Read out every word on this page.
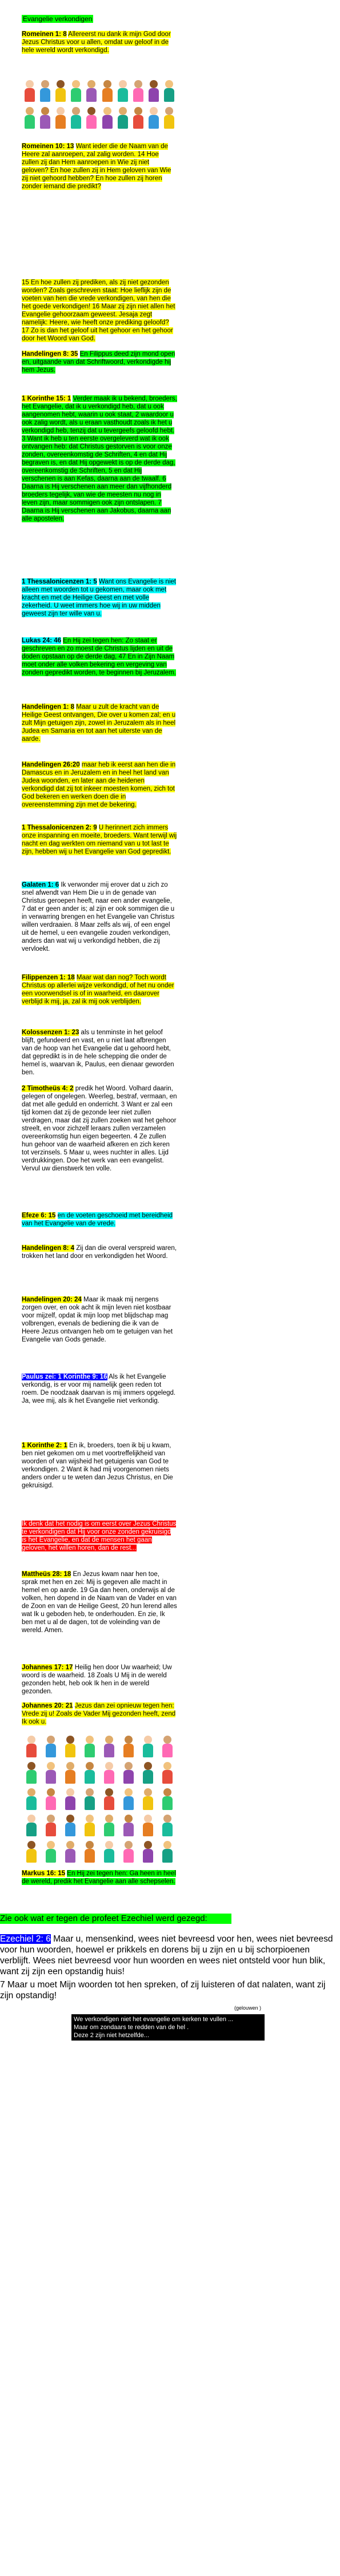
Evangelie verkondigen
Romeinen 1: 8 Allereerst nu dank ik mijn God door Jezus Christus voor u allen, omdat uw geloof in de hele wereld wordt verkondigd.
Romeinen 10: 13 Want ieder die de Naam van de Heere zal aanroepen, zal zalig worden. 14 Hoe zullen zij dan Hem aanroepen in Wie zij niet geloven? En hoe zullen zij in Hem geloven van Wie zij niet gehoord hebben? En hoe zullen zij horen zonder iemand die predikt?
15 En hoe zullen zij prediken, als zij niet gezonden worden? Zoals geschreven staat: Hoe lieflijk zijn de voeten van hen die vrede verkondigen, van hen die het goede verkondigen! 16 Maar zij zijn niet allen het Evangelie gehoorzaam geweest. Jesaja zegt namelijk: Heere, wie heeft onze prediking geloofd? 17 Zo is dan het geloof uit het gehoor en het gehoor door het Woord van God.
Handelingen 8: 35 En Filippus deed zijn mond open en, uitgaande van dat Schriftwoord, verkondigde hij hem Jezus.
1 Korinthe 15: 1 Verder maak ik u bekend, broeders, het Evangelie, dat ik u verkondigd heb, dat u ook aangenomen hebt, waarin u ook staat, 2 waardoor u ook zalig wordt, als u eraan vasthoudt zoals ik het u verkondigd heb, tenzij dat u tevergeefs geloofd hebt. 3 Want ik heb u ten eerste overgeleverd wat ik ook ontvangen heb: dat Christus gestorven is voor onze zonden, overeenkomstig de Schriften, 4 en dat Hij begraven is, en dat Hij opgewekt is op de derde dag, overeenkomstig de Schriften, 5 en dat Hij verschenen is aan Kefas, daarna aan de twaalf. 6 Daarna is Hij verschenen aan meer dan vijfhonderd broeders tegelijk, van wie de meesten nu nog in leven zijn, maar sommigen ook zijn ontslapen. 7 Daarna is Hij verschenen aan Jakobus, daarna aan alle apostelen.
1 Thessalonicenzen 1: 5 Want ons Evangelie is niet alleen met woorden tot u gekomen, maar ook met kracht en met de Heilige Geest en met volle zekerheid. U weet immers hoe wij in uw midden geweest zijn ter wille van u.
Lukas 24: 46 En Hij zei tegen hen: Zo staat er geschreven en zo moest de Christus lijden en uit de doden opstaan op de derde dag, 47 En in Zijn Naam moet onder alle volken bekering en vergeving van zonden gepredikt worden, te beginnen bij Jeruzalem.
Handelingen 1: 8 Maar u zult de kracht van de Heilige Geest ontvangen, Die over u komen zal; en u zult Mijn getuigen zijn, zowel in Jeruzalem als in heel Judea en Samaria en tot aan het uiterste van de aarde.
Handelingen 26:20 maar heb ik eerst aan hen die in Damascus en in Jeruzalem en in heel het land van Judea woonden, en later aan de heidenen verkondigd dat zij tot inkeer moesten komen, zich tot God bekeren en werken doen die in overeenstemming zijn met de bekering.
1 Thessalonicenzen 2: 9 U herinnert zich immers onze inspanning en moeite, broeders. Want terwijl wij nacht en dag werkten om niemand van u tot last te zijn, hebben wij u het Evangelie van God gepredikt.
Galaten 1: 6 Ik verwonder mij erover dat u zich zo snel afwendt van Hem Die u in de genade van Christus geroepen heeft, naar een ander evangelie, 7 dat er geen ander is; al zijn er ook sommigen die u in verwarring brengen en het Evangelie van Christus willen verdraaien. 8 Maar zelfs als wij, of een engel uit de hemel, u een evangelie zouden verkondigen, anders dan wat wij u verkondigd hebben, die zij vervloekt.
Filippenzen 1: 18 Maar wat dan nog? Toch wordt Christus op allerlei wijze verkondigd, of het nu onder een voorwendsel is of in waarheid, en daarover verblijd ik mij, ja, zal ik mij ook verblijden.
Kolossenzen 1: 23 als u tenminste in het geloof blijft, gefundeerd en vast, en u niet laat afbrengen van de hoop van het Evangelie dat u gehoord hebt, dat gepredikt is in de hele schepping die onder de hemel is, waarvan ik, Paulus, een dienaar geworden ben.
2 Timotheüs 4: 2 predik het Woord. Volhard daarin, gelegen of ongelegen. Weerleg, bestraf, vermaan, en dat met alle geduld en onderricht. 3 Want er zal een tijd komen dat zij de gezonde leer niet zullen verdragen, maar dat zij zullen zoeken wat het gehoor streelt, en voor zichzelf leraars zullen verzamelen overeenkomstig hun eigen begeerten. 4 Ze zullen hun gehoor van de waarheid afkeren en zich keren tot verzinsels. 5 Maar u, wees nuchter in alles. Lijd verdrukkingen. Doe het werk van een evangelist. Vervul uw dienstwerk ten volle.
Efeze 6: 15 en de voeten geschoeid met bereidheid van het Evangelie van de vrede.
Handelingen 8: 4 Zij dan die overal verspreid waren, trokken het land door en verkondigden het Woord.
Handelingen 20: 24 Maar ik maak mij nergens zorgen over, en ook acht ik mijn leven niet kostbaar voor mijzelf, opdat ik mijn loop met blijdschap mag volbrengen, evenals de bediening die ik van de Heere Jezus ontvangen heb om te getuigen van het Evangelie van Gods genade.
Paulus zei: 1 Korinthe 9: 16 Als ik het Evangelie verkondig, is er voor mij namelijk geen reden tot roem. De noodzaak daarvan is mij immers opgelegd. Ja, wee mij, als ik het Evangelie niet verkondig.
1 Korinthe 2: 1 En ik, broeders, toen ik bij u kwam, ben niet gekomen om u met voortreffelijkheid van woorden of van wijsheid het getuigenis van God te verkondigen. 2 Want ik had mij voorgenomen niets anders onder u te weten dan Jezus Christus, en Die gekruisigd.
Ik denk dat het nodig is om eerst over Jezus Christus te verkondigen dat Hij voor onze zonden gekruisigd is het Evangelie, en dat de mensen het gaan geloven, het willen horen, dan de rest...
Mattheüs 28: 18 En Jezus kwam naar hen toe, sprak met hen en zei: Mij is gegeven alle macht in hemel en op aarde. 19 Ga dan heen, onderwijs al de volken, hen dopend in de Naam van de Vader en van de Zoon en van de Heilige Geest, 20 hun lerend alles wat Ik u geboden heb, te onderhouden. En zie, Ik ben met u al de dagen, tot de voleinding van de wereld. Amen.
Johannes 17: 17 Heilig hen door Uw waarheid; Uw woord is de waarheid. 18 Zoals U Mij in de wereld gezonden hebt, heb ook Ik hen in de wereld gezonden.
Johannes 20: 21 Jezus dan zei opnieuw tegen hen: Vrede zij u! Zoals de Vader Mij gezonden heeft, zend Ik ook u.
Markus 16: 15 En Hij zei tegen hen: Ga heen in heel de wereld, predik het Evangelie aan alle schepselen.
Zie ook wat er tegen de profeet Ezechiel werd gezegd:
Ezechiel 2: 6 Maar u, mensenkind, wees niet bevreesd voor hen, wees niet bevreesd voor hun woorden, hoewel er prikkels en dorens bij u zijn en u bij schorpioenen verblijft. Wees niet bevreesd voor hun woorden en wees niet ontsteld voor hun blik, want zij zijn een opstandig huis!
7 Maar u moet Mijn woorden tot hen spreken, of zij luisteren of dat nalaten, want zij zijn opstandig!
(gelouwen )
We verkondigen niet het evangelie om kerken te vullen ...
Maar om zondaars te redden van de hel .
Deze 2 zijn niet hetzelfde...
